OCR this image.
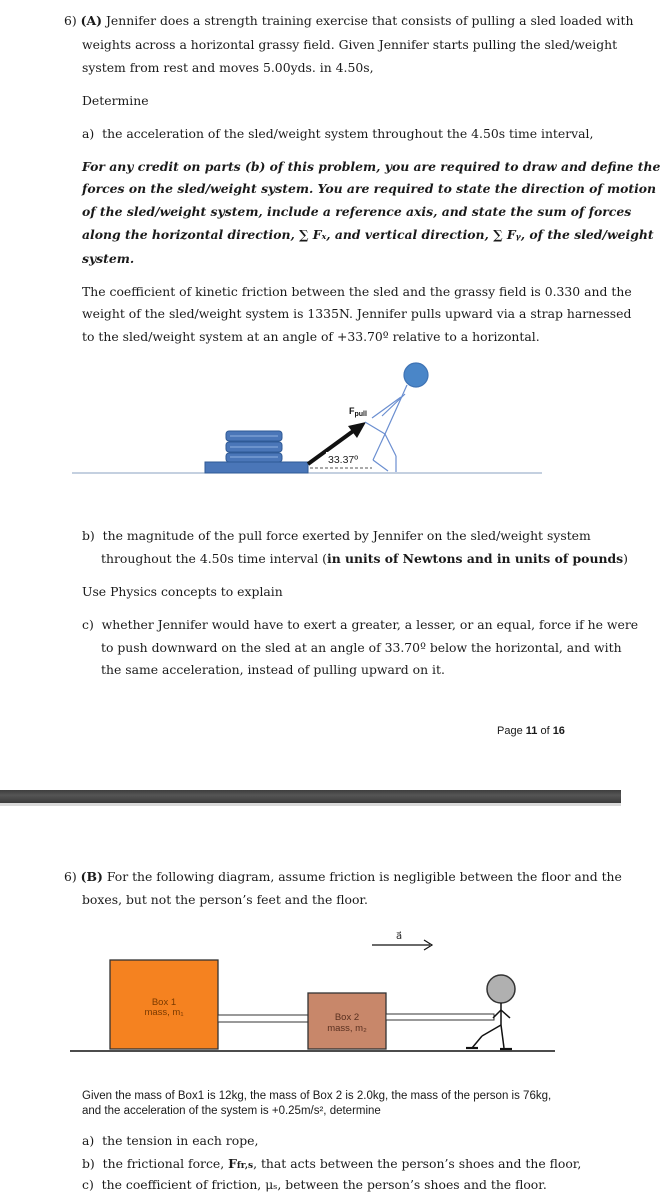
6) (A) Jennifer does a strength training exercise that consists of pulling a sled loaded with
weights across a horizontal grassy field. Given Jennifer starts pulling the sled/weight
system from rest and moves 5.00yds. in 4.50s,
Determine
a) the acceleration of the sled/weight system throughout the 4.50s time interval,
For any credit on parts (b) of this problem, you are required to draw and define the
forces on the sled/weight system. You are required to state the direction of motion
of the sled/weight system, include a reference axis, and state the sum of forces
along the horizontal direction, ∑ Fₓ, and vertical direction, ∑ Fᵧ, of the sled/weight
system.
The coefficient of kinetic friction between the sled and the grassy field is 0.330 and the
weight of the sled/weight system is 1335N. Jennifer pulls upward via a strap harnessed
to the sled/weight system at an angle of +33.70º relative to a horizontal.
$F_{pull}$
33.37º
b) the magnitude of the pull force exerted by Jennifer on the sled/weight system
throughout the 4.50s time interval (in units of Newtons and in units of pounds)
Use Physics concepts to explain
c) whether Jennifer would have to exert a greater, a lesser, or an equal, force if he were
to push downward on the sled at an angle of 33.70º below the horizontal, and with
the same acceleration, instead of pulling upward on it.
Page 11 of 16
6) (B) For the following diagram, assume friction is negligible between the floor and the
boxes, but not the person’s feet and the floor.
a⃗
Box 1
mass, m₁	Box 2
mass, m₂
Given the mass of Box1 is 12kg, the mass of Box 2 is 2.0kg, the mass of the person is 76kg,
and the acceleration of the system is +0.25m/s², determine
a) the tension in each rope,
b) the frictional force, Ffr,s, that acts between the person’s shoes and the floor,
c) the coefficient of friction, μₛ, between the person’s shoes and the floor.
